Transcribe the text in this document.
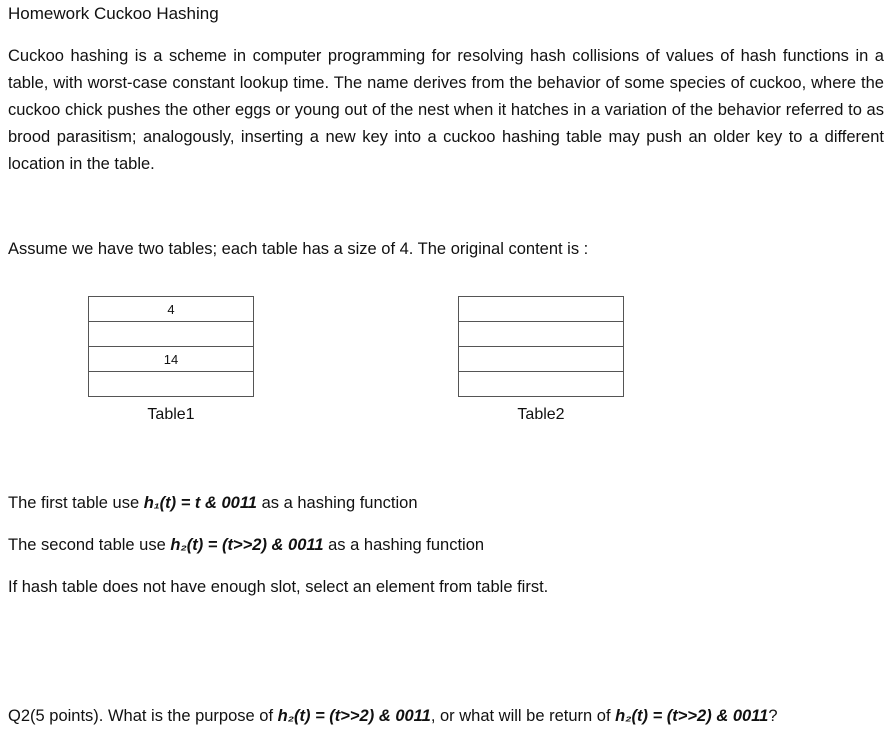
Homework Cuckoo Hashing
Cuckoo hashing is a scheme in computer programming for resolving hash collisions of values of hash functions in a table, with worst-case constant lookup time. The name derives from the behavior of some species of cuckoo, where the cuckoo chick pushes the other eggs or young out of the nest when it hatches in a variation of the behavior referred to as brood parasitism; analogously, inserting a new key into a cuckoo hashing table may push an older key to a different location in the table.
Assume we have two tables; each table has a size of 4. The original content is :
4

14

Table1	Table2
The first table use h₁(t) = t & 0011 as a hashing function
The second table use h₂(t) = (t>>2) & 0011 as a hashing function
If hash table does not have enough slot, select an element from table first.
Q2(5 points). What is the purpose of h₂(t) = (t>>2) & 0011, or what will be return of h₂(t) = (t>>2) & 0011?
